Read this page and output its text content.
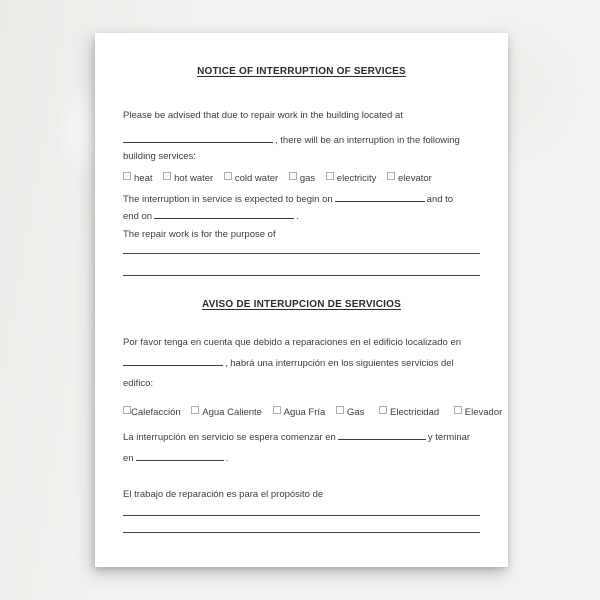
NOTICE OF INTERRUPTION OF SERVICES
Please be advised that due to repair work in the building located at
, there will be an interruption in the following
building services:
heat hot water cold water gas electricity elevator
The interruption in service is expected to begin on	and to
end on	.
The repair work is for the purpose of
AVISO DE INTERUPCION DE SERVICIOS
Por favor tenga en cuenta que debido a reparaciones en el edificio localizado en
, habrá una interrupción en los siguientes servicios del
edifico:
Calefacción Agua Caliente Agua Fría Gas	Electricidad	Elevador
La interrupción en servicio se espera comenzar en	y terminar
en	.
El trabajo de reparación es para el propósito de
